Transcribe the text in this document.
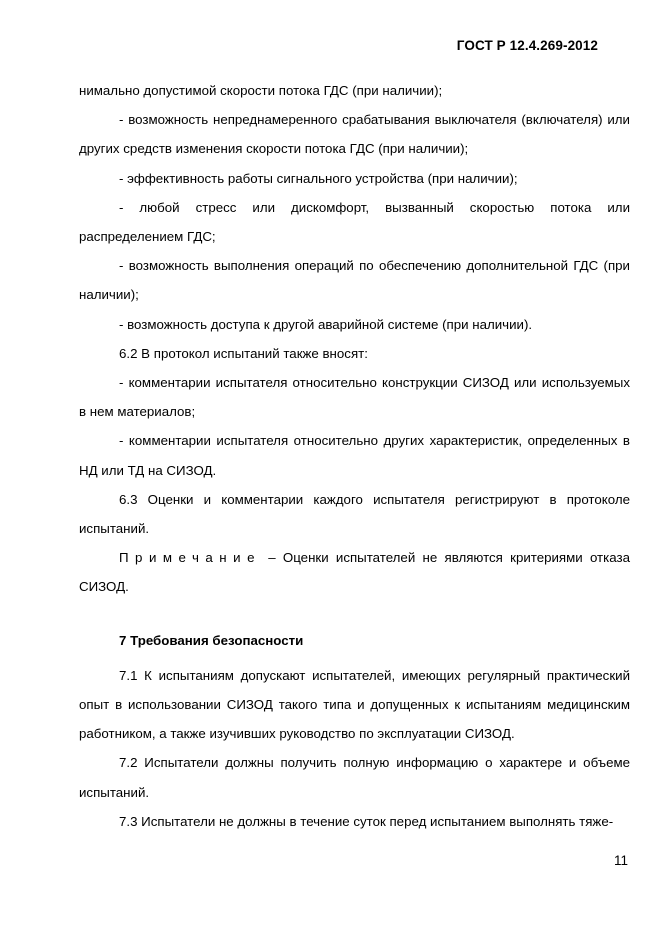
ГОСТ Р 12.4.269-2012

нимально допустимой скорости потока ГДС (при наличии);

- возможность непреднамеренного срабатывания выключателя (включателя) или других средств изменения скорости потока ГДС (при наличии);

- эффективность работы сигнального устройства (при наличии);

- любой стресс или дискомфорт, вызванный скоростью потока или распределением ГДС;

- возможность выполнения операций по обеспечению дополнительной ГДС (при наличии);

- возможность доступа к другой аварийной системе (при наличии).

6.2 В протокол испытаний также вносят:

- комментарии испытателя относительно конструкции СИЗОД или используемых в нем материалов;

- комментарии испытателя относительно других характеристик, определенных в НД или ТД на СИЗОД.

6.3 Оценки и комментарии каждого испытателя регистрируют в протоколе испытаний.

Примечание – Оценки испытателей не являются критериями отказа СИЗОД.

7 Требования безопасности

7.1 К испытаниям допускают испытателей, имеющих регулярный практический опыт в использовании СИЗОД такого типа и допущенных к испытаниям медицинским работником, а также изучивших руководство по эксплуатации СИЗОД.

7.2 Испытатели должны получить полную информацию о характере и объеме испытаний.

7.3 Испытатели не должны в течение суток перед испытанием выполнять тяже-

11
